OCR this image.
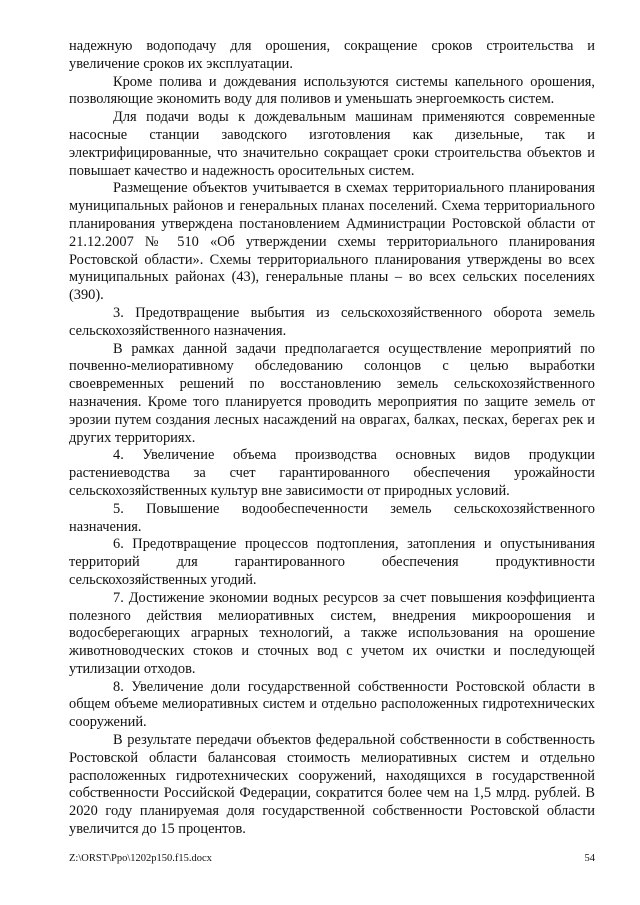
надежную водоподачу для орошения, сокращение сроков строительства и увеличение сроков их эксплуатации.

Кроме полива и дождевания используются системы капельного орошения, позволяющие экономить воду для поливов и уменьшать энергоемкость систем.

Для подачи воды к дождевальным машинам применяются современные насосные станции заводского изготовления как дизельные, так и электрифицированные, что значительно сокращает сроки строительства объектов и повышает качество и надежность оросительных систем.

Размещение объектов учитывается в схемах территориального планирования муниципальных районов и генеральных планах поселений. Схема территориального планирования утверждена постановлением Администрации Ростовской области от 21.12.2007 № 510 «Об утверждении схемы территориального планирования Ростовской области». Схемы территориального планирования утверждены во всех муниципальных районах (43), генеральные планы – во всех сельских поселениях (390).

3. Предотвращение выбытия из сельскохозяйственного оборота земель сельскохозяйственного назначения.

В рамках данной задачи предполагается осуществление мероприятий по почвенно-мелиоративному обследованию солонцов с целью выработки своевременных решений по восстановлению земель сельскохозяйственного назначения. Кроме того планируется проводить мероприятия по защите земель от эрозии путем создания лесных насаждений на оврагах, балках, песках, берегах рек и других территориях.

4. Увеличение объема производства основных видов продукции растениеводства за счет гарантированного обеспечения урожайности сельскохозяйственных культур вне зависимости от природных условий.

5. Повышение водообеспеченности земель сельскохозяйственного назначения.

6. Предотвращение процессов подтопления, затопления и опустынивания территорий для гарантированного обеспечения продуктивности сельскохозяйственных угодий.

7. Достижение экономии водных ресурсов за счет повышения коэффициента полезного действия мелиоративных систем, внедрения микроорошения и водосберегающих аграрных технологий, а также использования на орошение животноводческих стоков и сточных вод с учетом их очистки и последующей утилизации отходов.

8. Увеличение доли государственной собственности Ростовской области в общем объеме мелиоративных систем и отдельно расположенных гидротехнических сооружений.

В результате передачи объектов федеральной собственности в собственность Ростовской области балансовая стоимость мелиоративных систем и отдельно расположенных гидротехнических сооружений, находящихся в государственной собственности Российской Федерации, сократится более чем на 1,5 млрд. рублей. В 2020 году планируемая доля государственной собственности Ростовской области увеличится до 15 процентов.

Z:\ORST\Ppo\1202p150.f15.docx	54
